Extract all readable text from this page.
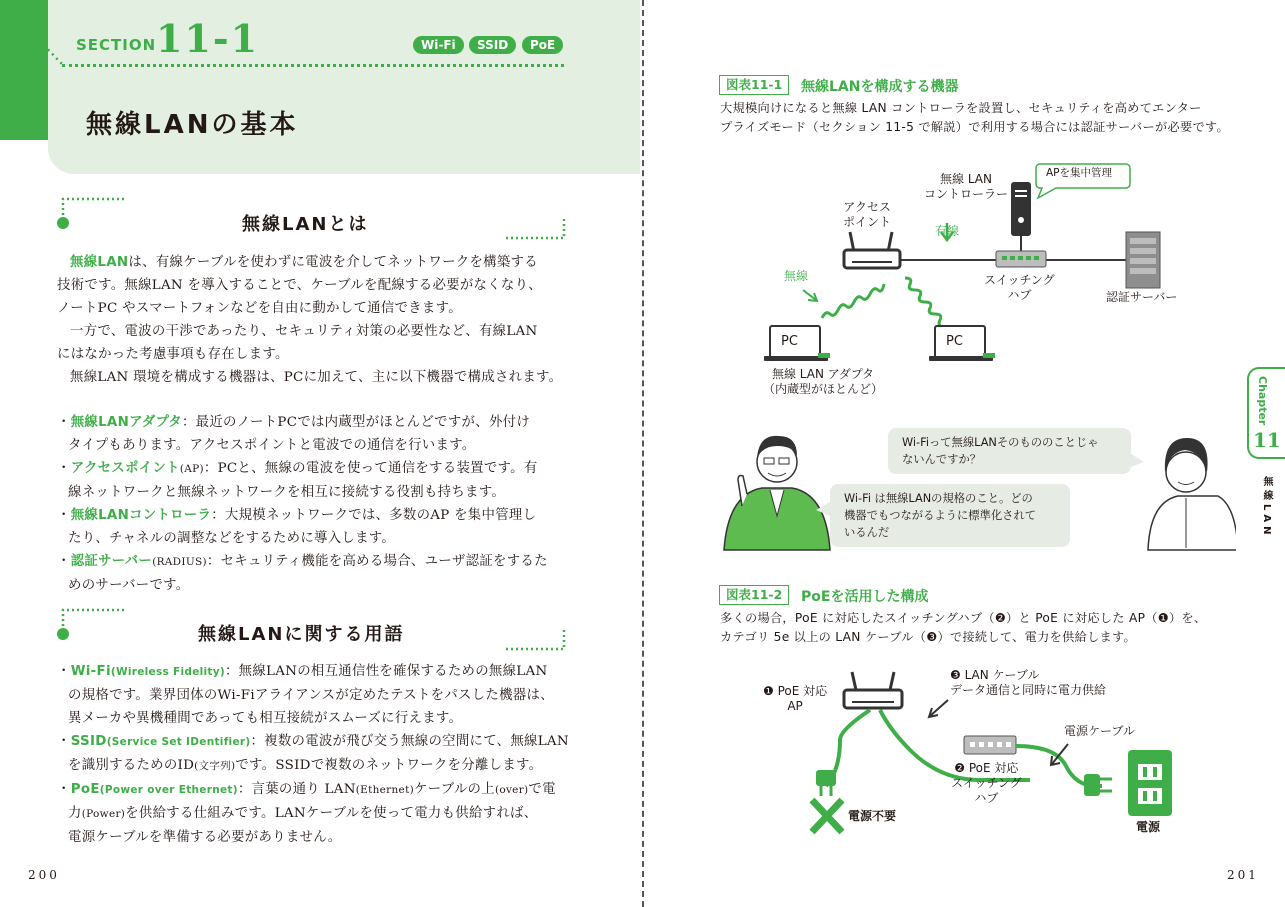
SECTION 11-1	Wi-Fi	SSID	PoE
無線LANの基本
無線LANとは

無線LANは、有線ケーブルを使わずに電波を介してネットワークを構築する

技術です。無線LAN を導入することで、ケーブルを配線する必要がなくなり、

ノートPC やスマートフォンなどを自由に動かして通信できます。

一方で、電波の干渉であったり、セキュリティ対策の必要性など、有線LAN

にはなかった考慮事項も存在します。

無線LAN 環境を構成する機器は、PCに加えて、主に以下機器で構成されます。

・無線LANアダプタ：最近のノートPCでは内蔵型がほとんどですが、外付け

タイプもあります。アクセスポイントと電波での通信を行います。

・アクセスポイント(AP)：PCと、無線の電波を使って通信をする装置です。有

線ネットワークと無線ネットワークを相互に接続する役割も持ちます。

・無線LANコントローラ：大規模ネットワークでは、多数のAP を集中管理し

たり、チャネルの調整などをするために導入します。

・認証サーバー(RADIUS)：セキュリティ機能を高める場合、ユーザ認証をするた

めのサーバーです。

無線LANに関する用語

・Wi-Fi(Wireless Fidelity)：無線LANの相互通信性を確保するための無線LAN

の規格です。業界団体のWi-Fiアライアンスが定めたテストをパスした機器は、

異メーカや異機種間であっても相互接続がスムーズに行えます。

・SSID(Service Set IDentifier)：複数の電波が飛び交う無線の空間にて、無線LAN

を識別するためのID(文字列)です。SSIDで複数のネットワークを分離します。

・PoE(Power over Ethernet)：言葉の通り LAN(Ethernet)ケーブルの上(over)で電

力(Power)を供給する仕組みです。LANケーブルを使って電力も供給すれば、

電源ケーブルを準備する必要がありません。

200
図表11-1	無線LANを構成する機器
大規模向けになると無線 LAN コントローラを設置し、セキュリティを高めてエンター
プライズモード（セクション 11-5 で解説）で利用する場合には認証サーバーが必要です。
APを集中管理
無線 LAN
コントローラー
アクセス
ポイント
有線
無線	スイッチング
ハブ	認証サーバー
PC	PC
無線 LAN アダプタ
（内蔵型がほとんど）
Wi-Fiって無線LANそのもののことじゃ
ないんですか？
Wi-Fi は無線LANの規格のこと。どの
機器でもつながるように標準化されて
いるんだ
図表11-2	PoEを活用した構成
多くの場合，PoE に対応したスイッチングハブ（❷）と PoE に対応した AP（❶）を、
カテゴリ 5e 以上の LAN ケーブル（❸）で接続して、電力を供給します。
❶ PoE 対応
AP
❸ LAN ケーブル
データ通信と同時に電力供給
電源ケーブル
❷ PoE 対応
スイッチング
ハブ
電源不要
電源
Chapter
11
無線LAN
201
